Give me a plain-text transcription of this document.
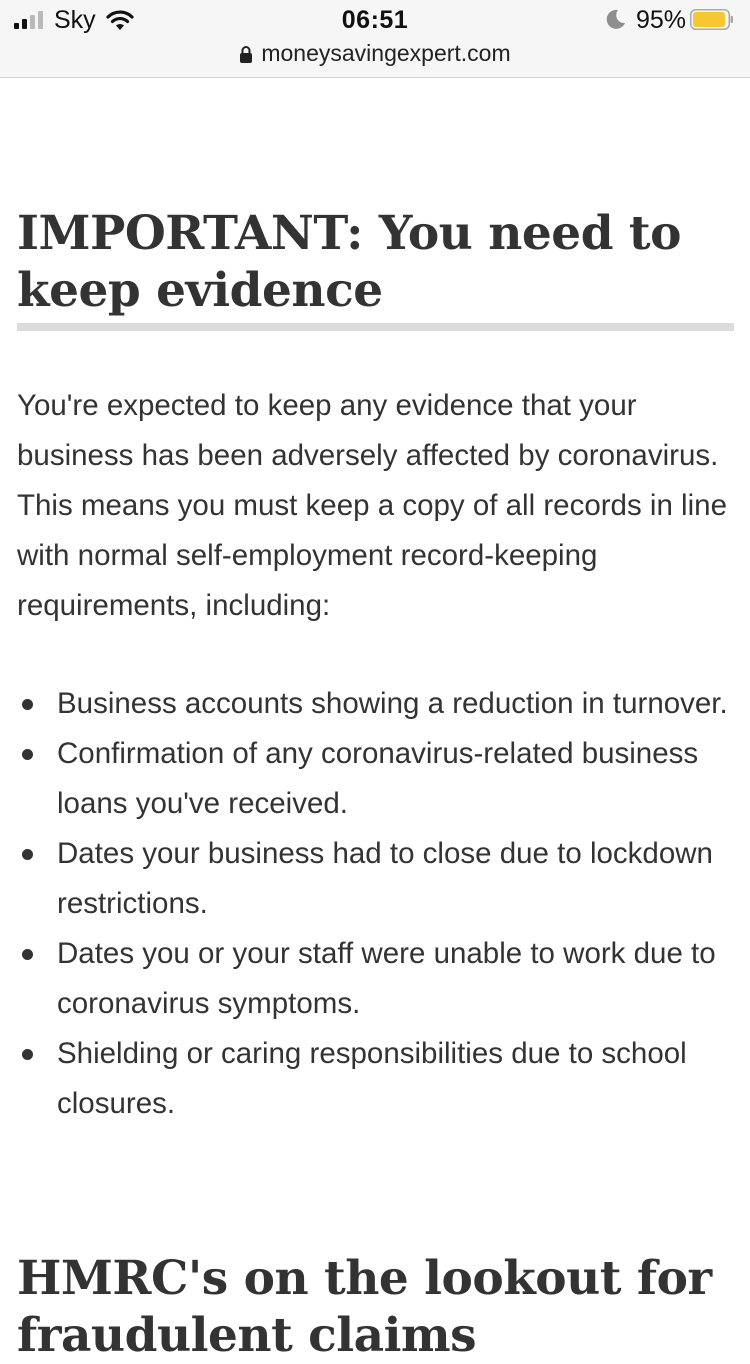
Sky	06:51	95%
moneysavingexpert.com
IMPORTANT: You need to keep evidence

You're expected to keep any evidence that your business has been adversely affected by coronavirus. This means you must keep a copy of all records in line with normal self-employment record-keeping requirements, including:

Business accounts showing a reduction in turnover.
Confirmation of any coronavirus-related business loans you've received.
Dates your business had to close due to lockdown restrictions.
Dates you or your staff were unable to work due to coronavirus symptoms.
Shielding or caring responsibilities due to school closures.
HMRC's on the lookout for fraudulent claims
